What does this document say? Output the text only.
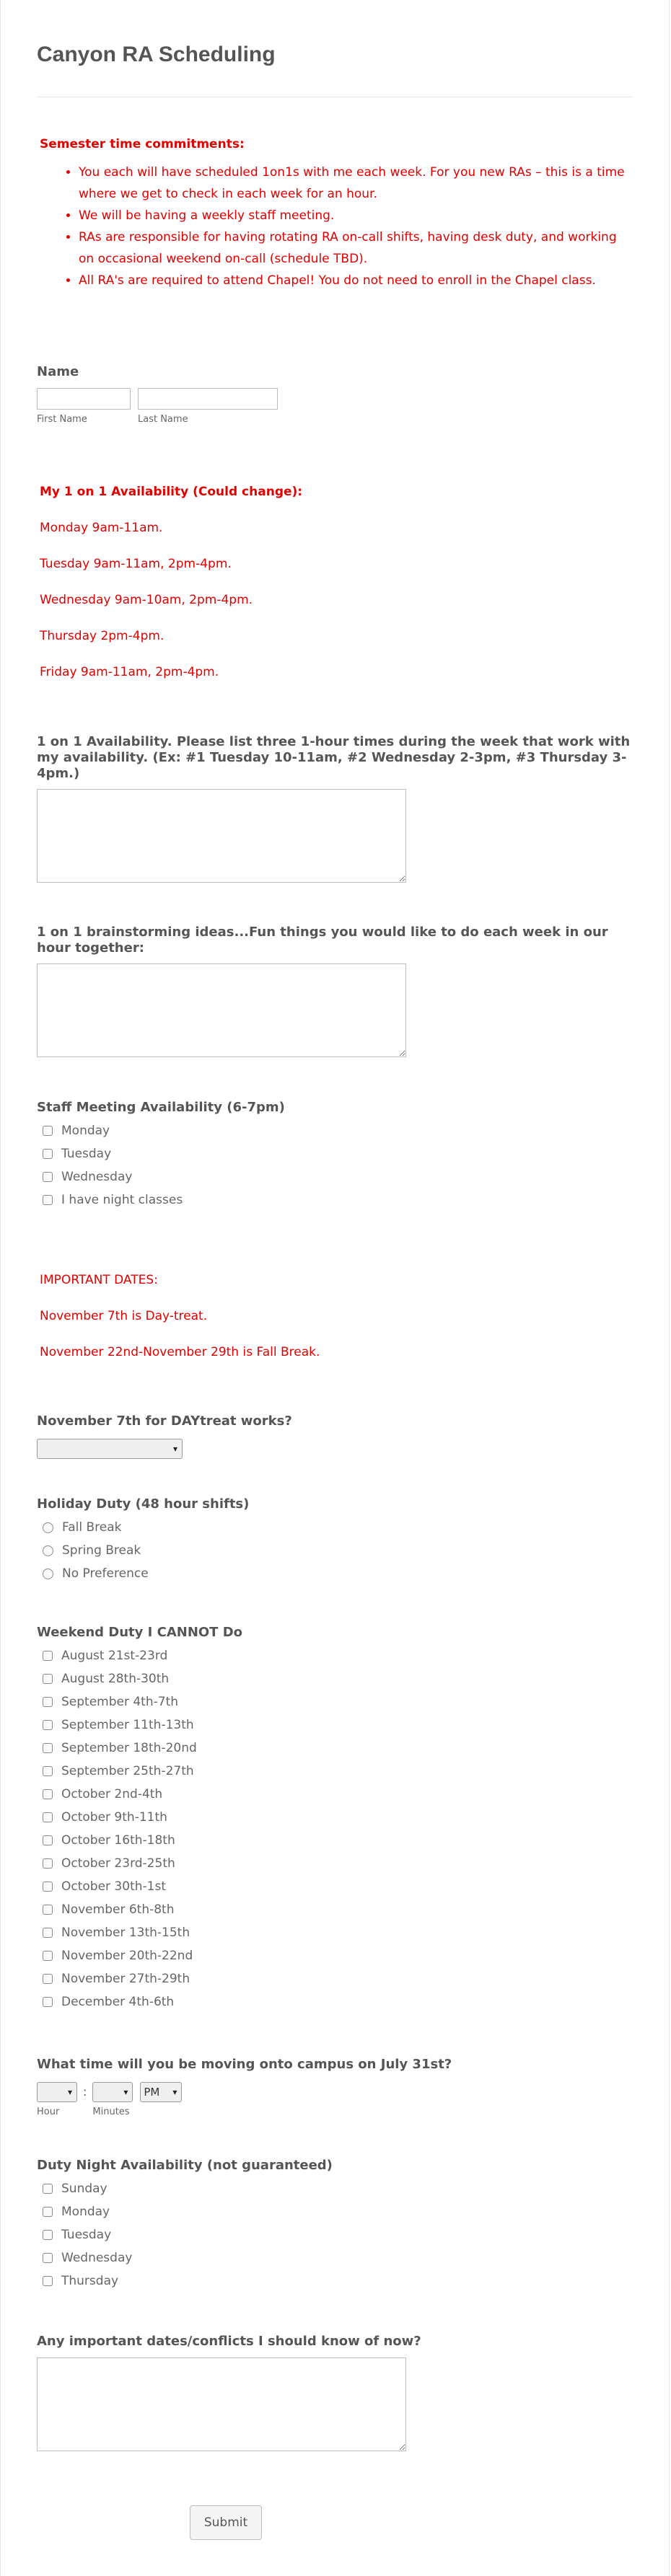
Canyon RA Scheduling
Semester time commitments:
• You each will have scheduled 1on1s with me each week. For you new RAs – this is a time where we get to check in each week for an hour.
• We will be having a weekly staff meeting.
• RAs are responsible for having rotating RA on-call shifts, having desk duty, and working on occasional weekend on-call (schedule TBD).
• All RA's are required to attend Chapel! You do not need to enroll in the Chapel class.
Name
First Name	Last Name
My 1 on 1 Availability (Could change):
Monday 9am-11am.
Tuesday 9am-11am, 2pm-4pm.
Wednesday 9am-10am, 2pm-4pm.
Thursday 2pm-4pm.
Friday 9am-11am, 2pm-4pm.
1 on 1 Availability. Please list three 1-hour times during the week that work with my availability. (Ex: #1 Tuesday 10-11am, #2 Wednesday 2-3pm, #3 Thursday 3-4pm.)
1 on 1 brainstorming ideas...Fun things you would like to do each week in our hour together:
Staff Meeting Availability (6-7pm)
Monday
Tuesday
Wednesday
I have night classes
IMPORTANT DATES:
November 7th is Day-treat.
November 22nd-November 29th is Fall Break.
November 7th for DAYtreat works?
▾
Holiday Duty (48 hour shifts)
Fall Break
Spring Break
No Preference
Weekend Duty I CANNOT Do
August 21st-23rd
August 28th-30th
September 4th-7th
September 11th-13th
September 18th-20nd
September 25th-27th
October 2nd-4th
October 9th-11th
October 16th-18th
October 23rd-25th
October 30th-1st
November 6th-8th
November 13th-15th
November 20th-22nd
November 27th-29th
December 4th-6th
What time will you be moving onto campus on July 31st?
▾
Hour
:	▾
Minutes
PM ▾
Duty Night Availability (not guaranteed)
Sunday
Monday
Tuesday
Wednesday
Thursday
Any important dates/conflicts I should know of now?
Submit
